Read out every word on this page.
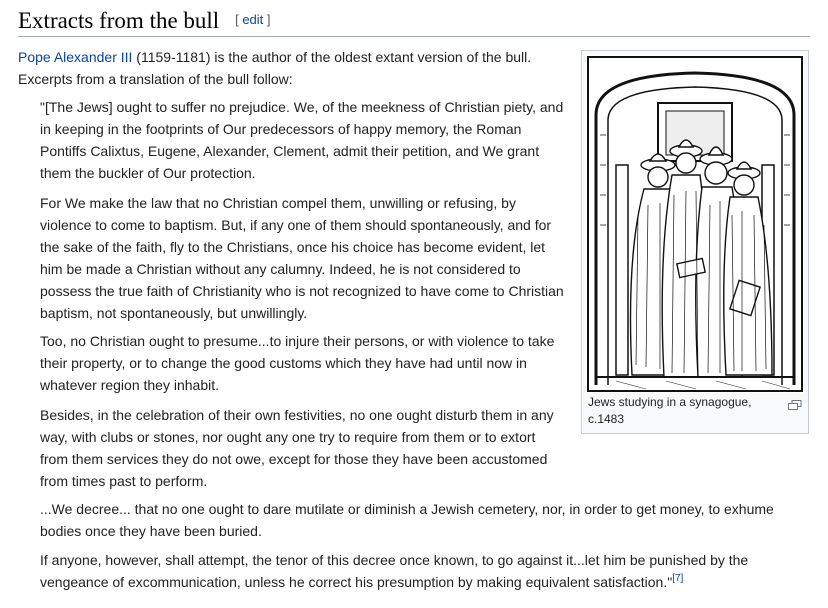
Extracts from the bull [ edit ]

Pope Alexander III (1159-1181) is the author of the oldest extant version of the bull. Excerpts from a translation of the bull follow:

"[The Jews] ought to suffer no prejudice. We, of the meekness of Christian piety, and in keeping in the footprints of Our predecessors of happy memory, the Roman Pontiffs Calixtus, Eugene, Alexander, Clement, admit their petition, and We grant them the buckler of Our protection.

For We make the law that no Christian compel them, unwilling or refusing, by violence to come to baptism. But, if any one of them should spontaneously, and for the sake of the faith, fly to the Christians, once his choice has become evident, let him be made a Christian without any calumny. Indeed, he is not considered to possess the true faith of Christianity who is not recognized to have come to Christian baptism, not spontaneously, but unwillingly.

Too, no Christian ought to presume...to injure their persons, or with violence to take their property, or to change the good customs which they have had until now in whatever region they inhabit.

Besides, in the celebration of their own festivities, no one ought disturb them in any way, with clubs or stones, nor ought any one try to require from them or to extort from them services they do not owe, except for those they have been accustomed from times past to perform.

...We decree... that no one ought to dare mutilate or diminish a Jewish cemetery, nor, in order to get money, to exhume bodies once they have been buried.

If anyone, however, shall attempt, the tenor of this decree once known, to go against it...let him be punished by the vengeance of excommunication, unless he correct his presumption by making equivalent satisfaction."[7]

Jews studying in a synagogue, c.1483
